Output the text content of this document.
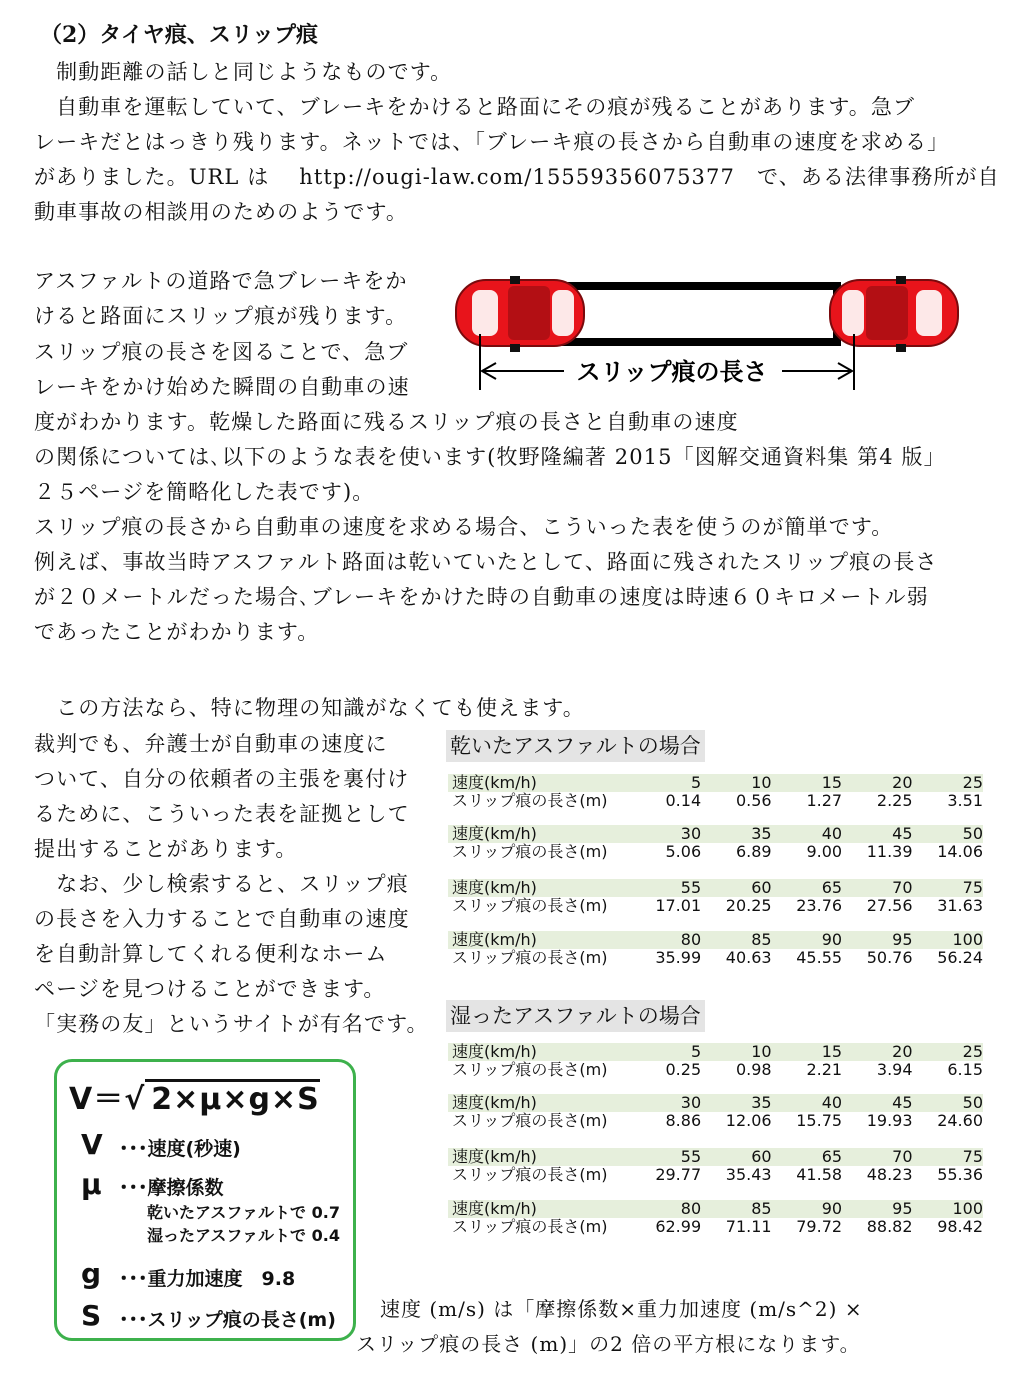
（2）タイヤ痕、スリップ痕
　制動距離の話しと同じようなものです。
　自動車を運転していて、ブレーキをかけると路面にその痕が残ることがあります。急ブ
レーキだとはっきり残ります。ネットでは、「ブレーキ痕の長さから自動車の速度を求める」
がありました。URL は　 http://ougi-law.com/15559356075377　で、ある法律事務所が自
動車事故の相談用のためのようです。
アスファルトの道路で急ブレーキをか
けると路面にスリップ痕が残ります。
スリップ痕の長さを図ることで、急ブ
レーキをかけ始めた瞬間の自動車の速
度がわかります。乾燥した路面に残るスリップ痕の長さと自動車の速度
の関係については､以下のような表を使います(牧野隆編著 2015「図解交通資料集 第4 版」
２５ページを簡略化した表です)。
スリップ痕の長さから自動車の速度を求める場合、こういった表を使うのが簡単です。
例えば、事故当時アスファルト路面は乾いていたとして、路面に残されたスリップ痕の長さ
が２０メートルだった場合､ブレーキをかけた時の自動車の速度は時速６０キロメートル弱
であったことがわかります。
スリップ痕の長さ
　この方法なら、特に物理の知識がなくても使えます。
裁判でも、弁護士が自動車の速度に
ついて、自分の依頼者の主張を裏付け
るために、こういった表を証拠として
提出することがあります。
　なお、少し検索すると、スリップ痕
の長さを入力することで自動車の速度
を自動計算してくれる便利なホーム
ページを見つけることができます。
「実務の友」というサイトが有名です。
乾いたアスファルトの場合
速度(km/h)	5	10	15	20	25
スリップ痕の長さ(m)	0.14	0.56	1.27	2.25	3.51
速度(km/h)	30	35	40	45	50
スリップ痕の長さ(m)	5.06	6.89	9.00	11.39	14.06
速度(km/h)	55	60	65	70	75
スリップ痕の長さ(m)	17.01	20.25	23.76	27.56	31.63
速度(km/h)	80	85	90	95	100
スリップ痕の長さ(m)	35.99	40.63	45.55	50.76	56.24
湿ったアスファルトの場合
速度(km/h)	5	10	15	20	25
スリップ痕の長さ(m)	0.25	0.98	2.21	3.94	6.15
速度(km/h)	30	35	40	45	50
スリップ痕の長さ(m)	8.86	12.06	15.75	19.93	24.60
速度(km/h)	55	60	65	70	75
スリップ痕の長さ(m)	29.77	35.43	41.58	48.23	55.36
速度(km/h)	80	85	90	95	100
スリップ痕の長さ(m)	62.99	71.11	79.72	88.82	98.42
V＝√ 2×μ×g×S
V ･･･速度(秒速)
μ ･･･摩擦係数
乾いたアスファルトで 0.7
湿ったアスファルトで 0.4
g ･･･重力加速度　9.8
S ･･･スリップ痕の長さ(m) 速度 (m/s) は「摩擦係数×重力加速度 (m/s^2) ×
スリップ痕の長さ (m)」の2 倍の平方根になります。
